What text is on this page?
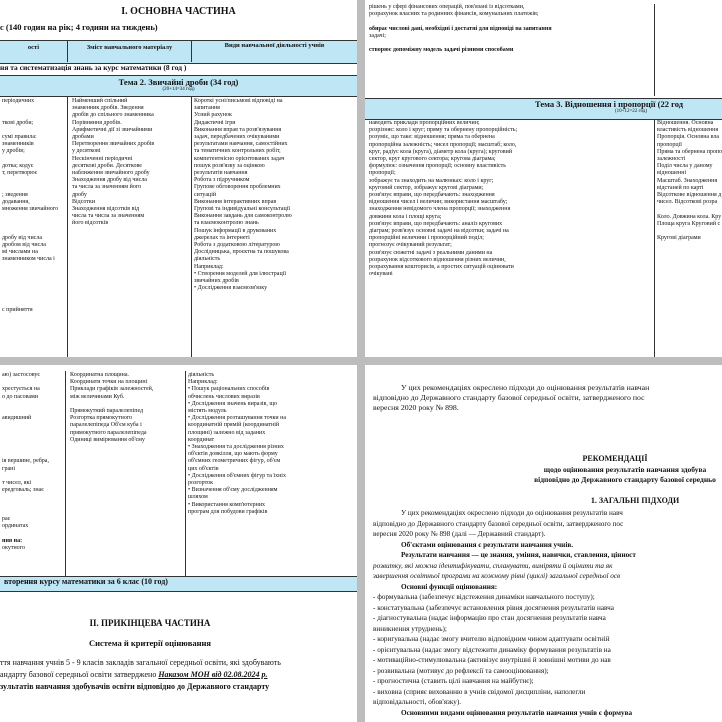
І. ОСНОВНА ЧАСТИНА
с (140 годин на рік; 4 години на тиждень)
ості	Зміст навчального матеріалу	Види навчальної діяльності учнів
ня та систематизація знань за курс математики (8 год )
Тема 2. Звичайні дроби (34 год)
(20+14=34 год)
періодичних

ткові дроби;

сумі правила:
знаменників
у дробів;

дотка; кодує
т, перетворює

; зведення
додавання,
множення звичайного

дробу від числа
дробом від числа
мі числами на
знаменником числа і

с прийняття
Найменший спільний
знаменник дробів. Зведення
дробів до спільного знаменника
Порівняння дробів.
Арифметичні дії зі звичайними
дробами
Перетворення звичайних дробів
у десяткові
Нескінченні періодичні
десяткові дроби. Десяткове
наближення звичайного дробу
Знаходження дробу від числа
та числа за значенням його
дробу
Відсотки
Знаходження відсотків від
числа та числа за значенням
його відсотків
Короткі усні/письмові відповіді на
запитання
Усний рахунок
Дидактичні ігри
Виконання вправ та розв'язування
задач, передбачених очікуваними
результатами навчання, самостійних
та тематичних контрольних робіт,
компетентнісно орієнтованих задач
пошук розв'язку за оцінкою
результатів навчання
Робота з підручником
Групове обговорення проблемних
ситуацій
Виконання інтерактивних вправ
Групові та індивідуальні консультації
Виконання завдань для самоконтролю
та взаємоконтролю знань
Пошук інформації в друкованих
джерелах та інтернеті
Робота з додатковою літературою
Дослідницька, проєктна та пошукова
діяльність
Наприклад:
• Створення моделей для ілюстрації
звичайних дробів
• Дослідження взаємозв'язку
рішень у сфері фінансових операцій, пов'язані із відсотками,
розрахунок власних та родинних фінансів, комунальних платежів;

обирає числові дані, необхідні і достатні для відповіді на запитання
задачі;

створює допоміжну модель задачі різними способами
Тема 3. Відношення і пропорції (22 год
(10+12=22 год)
наводить приклади пропорційних величин;
розрізняє: коло і круг; пряму та обернену пропорційність;
розуміє, що таке: відношення; пряма та обернена
пропорційна залежність; чисел пропорції; масштаб; коло,
круг, радіус кола (круга), діаметр кола (круга); круговий
сектор, круг кругового сектора; кругова діаграма;
формулює: означення пропорції; основну властивість
пропорції;
зображує та знаходить на малюнках: коло і круг;
круговий сектор, зображує кругові діаграми;
розв'язує вправи, що передбачають: знаходження
відношення чисел і величин; використання масштабу;
знаходження невідомого члена пропорції; знаходження
довжини кола і площі круга;
розв'язує вправи, що передбачають: аналіз кругових
діаграм; розв'язує основні задачі на відсотки; задачі на
пропорційні величини і пропорційний поділ;
прогнозує очікуваний результат;
розв'язує сюжетні задачі з реальними даними на
розрахунок відсоткового відношення різних величин,
розрахування кошторисів, а простих ситуацій оцінювати
очікувані
Відношення. Основна
властивість відношення
Пропорція. Основна вла
пропорції
Пряма та обернена пропо
залежності
Поділ числа у даному
відношенні
Масштаб. Знаходження
відстаней по карті
Відсоткове відношення д
чисел. Відсоткові розра

Коло. Довжина кола. Кру
Площа круга Круговий с

Кругові діаграми
аю) застосовує

хрестується на
о до пасовами

авидишний

ія вершине, ребра,
грані

т чисел, які
ередговаль; знає

рає
ординатах

ння на:
окутного
Координатна площина.
Координати точки на площині
Приклади графіків залежностей,
між величинами Куб.

Прямокутний паралелепіпед
Розгортка прямокутного
паралелепіпеда Об'єм куба і
прямокутного паралелепіпеда
Одиниці вимірювання об'єму
діяльність
Наприклад:
• Пошук раціональних способів
обчислень числових виразів
• Дослідження значень виразів, що
містять модуль
• Дослідження розташування точки на
координатній прямій (координатній
площині) залежно від заданих
координат
• Знаходження та дослідження різних
об'єктів довкілля, що мають форму
об'ємних геометричних фігур, об'єм
цих об'єктів
• Дослідження об'ємних фігур та їхніх
розгорток
• Визначення об'єму дослідженням
шляхом
• Використання комп'ютерних
програм для побудови графіків
вторення курсу математики за 6 клас (10 год)
ІІ. ПРИКІНЦЕВА ЧАСТИНА
Система й критерії оцінювання
ття навчання учнів 5 - 9 класів закладів загальної середньої освіти, які здобувають
андарту базової середньої освіти затверджено Наказом МОН від 02.08.2024 р.
зультатів навчання здобувачів освіти відповідно до Державного стандарту
У цих рекомендаціях окреслено підходи до оцінювання результатів навчан
відповідно до Державного стандарту базової середньої освіти, затвердженого пос
вересня 2020 року № 898.
РЕКОМЕНДАЦІЇ
щодо оцінювання результатів навчання здобува
відповідно до Державного стандарту базової середньо
1. ЗАГАЛЬНІ ПІДХОДИ
У цих рекомендаціях окреслено підходи до оцінювання результатів навч
відповідно до Державного стандарту базової середньої освіти, затвердженого пос
вересня 2020 року № 898 (далі — Державний стандарт).
Об'єктами оцінювання є результати навчання учнів.
Результати навчання — це знання, уміння, навички, ставлення, цінност
розвитку, які можна ідентифікувати, спланувати, виміряти й оцінити та як
завершення освітньої програми на кожному рівні (циклі) загальної середньої осв
Основні функції оцінювання:
- формувальна (забезпечує відстеження динаміки навчального поступу);
- констатувальна (забезпечує встановлення рівня досягнення результатів навча
- діагностувальна (надає інформацію про стан досягнення результатів навча
виникнення утруднень);
- коригувальна (надає змогу вчителю відповідним чином адаптувати освітній
- орієнтувальна (надає змогу відстежити динаміку формування результатів на
- мотиваційно-стимулювальна (активізує внутрішні й зовнішні мотиви до нав
- розвивальна (мотивує до рефлексії та самооцінювання);
- прогностична (ставить цілі навчання на майбутнє);
- виховна (сприяє вихованню в учнів свідомої дисципліни, наполегли
відповідальності, обов'язку).
Основними видами оцінювання результатів навчання учнів є формува
